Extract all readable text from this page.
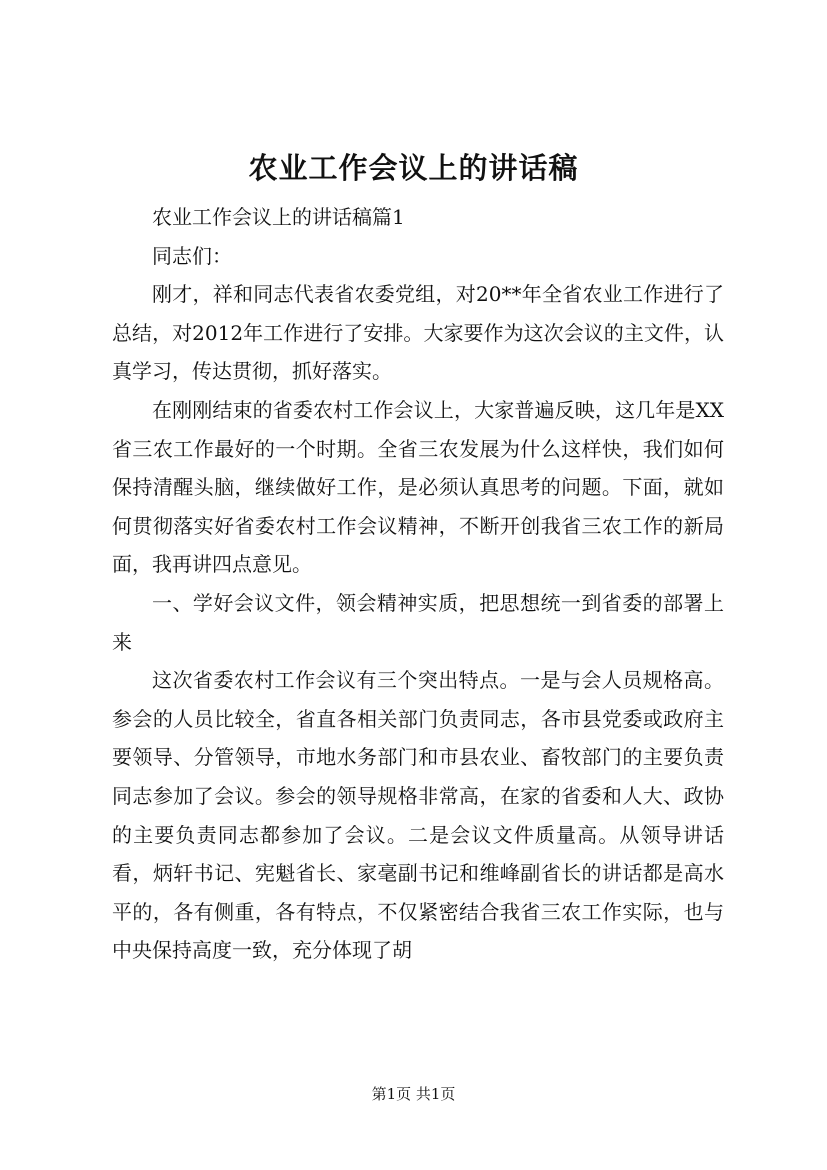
农业工作会议上的讲话稿

农业工作会议上的讲话稿篇1

同志们：

刚才，祥和同志代表省农委党组，对20**年全省农业工作进行了总结，对2012年工作进行了安排。大家要作为这次会议的主文件，认真学习，传达贯彻，抓好落实。

在刚刚结束的省委农村工作会议上，大家普遍反映，这几年是XX省三农工作最好的一个时期。全省三农发展为什么这样快，我们如何保持清醒头脑，继续做好工作，是必须认真思考的问题。下面，就如何贯彻落实好省委农村工作会议精神，不断开创我省三农工作的新局面，我再讲四点意见。

一、学好会议文件，领会精神实质，把思想统一到省委的部署上来

这次省委农村工作会议有三个突出特点。一是与会人员规格高。参会的人员比较全，省直各相关部门负责同志，各市县党委或政府主要领导、分管领导，市地水务部门和市县农业、畜牧部门的主要负责同志参加了会议。参会的领导规格非常高，在家的省委和人大、政协的主要负责同志都参加了会议。二是会议文件质量高。从领导讲话看，炳轩书记、宪魁省长、家毫副书记和维峰副省长的讲话都是高水平的，各有侧重，各有特点，不仅紧密结合我省三农工作实际，也与中央保持高度一致，充分体现了胡

第1页 共1页
